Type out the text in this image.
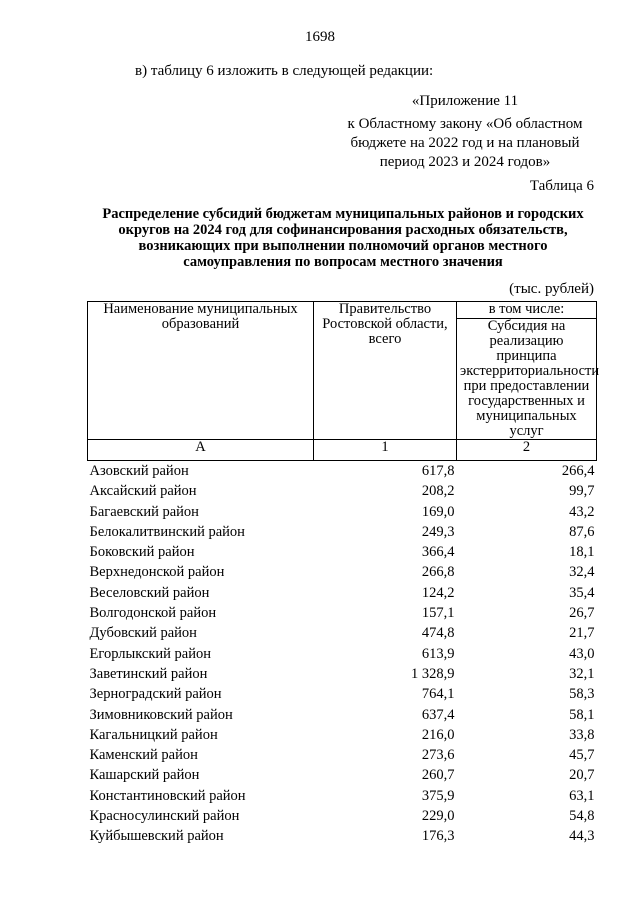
1698
в) таблицу 6 изложить в следующей редакции:
«Приложение 11
к Областному закону «Об областном бюджете на 2022 год и на плановый период 2023 и 2024 годов»
Таблица 6
Распределение субсидий бюджетам муниципальных районов и городских округов на 2024 год для софинансирования расходных обязательств, возникающих при выполнении полномочий органов местного самоуправления по вопросам местного значения
(тыс. рублей)
Наименование муниципальных образований	Правительство Ростовской области, всего	в том числе:
		Субсидия на реализацию принципа экстерриториальности при предоставлении государственных и муниципальных услуг
А	1	2
Азовский район	617,8	266,4
Аксайский район	208,2	99,7
Багаевский район	169,0	43,2
Белокалитвинский район	249,3	87,6
Боковский район	366,4	18,1
Верхнедонской район	266,8	32,4
Веселовский район	124,2	35,4
Волгодонской район	157,1	26,7
Дубовский район	474,8	21,7
Егорлыкский район	613,9	43,0
Заветинский район	1 328,9	32,1
Зерноградский район	764,1	58,3
Зимовниковский район	637,4	58,1
Кагальницкий район	216,0	33,8
Каменский район	273,6	45,7
Кашарский район	260,7	20,7
Константиновский район	375,9	63,1
Красносулинский район	229,0	54,8
Куйбышевский район	176,3	44,3
